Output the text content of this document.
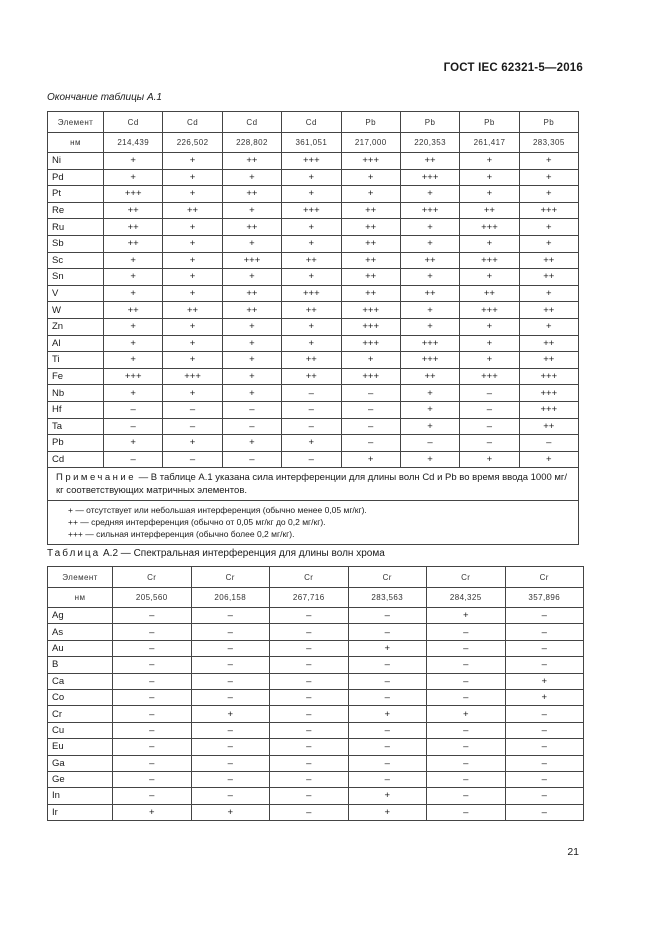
ГОСТ IEC 62321-5—2016
Окончание таблицы А.1
Элемент	Cd	Cd	Cd	Cd	Pb	Pb	Pb	Pb
нм	214,439	226,502	228,802	361,051	217,000	220,353	261,417	283,305
Ni	+	+	++	+++	+++	++	+	+
Pd	+	+	+	+	+	+++	+	+
Pt	+++	+	++	+	+	+	+	+
Re	++	++	+	+++	++	+++	++	+++
Ru	++	+	++	+	++	+	+++	+
Sb	++	+	+	+	++	+	+	+
Sc	+	+	+++	++	++	++	+++	++
Sn	+	+	+	+	++	+	+	++
V	+	+	++	+++	++	++	++	+
W	++	++	++	++	+++	+	+++	++
Zn	+	+	+	+	+++	+	+	+
Al	+	+	+	+	+++	+++	+	++
Ti	+	+	+	++	+	+++	+	++
Fe	+++	+++	+	++	+++	++	+++	+++
Nb	+	+	+	–	–	+	–	+++
Hf	–	–	–	–	–	+	–	+++
Ta	–	–	–	–	–	+	–	++
Pb	+	+	+	+	–	–	–	–
Cd	–	–	–	–	+	+	+	+
Примечание — В таблице А.1 указана сила интерференции для длины волн Cd и Pb во время ввода 1000 мг/кг соответствующих матричных элементов.								

+ — отсутствует или небольшая интерференция (обычно менее 0,05 мг/кг).
++ — средняя интерференция (обычно от 0,05 мг/кг до 0,2 мг/кг).
+++ — сильная интерференция (обычно более 0,2 мг/кг).								
Таблица А.2 — Спектральная интерференция для длины волн хрома
Элемент	Cr	Cr	Cr	Cr	Cr	Cr
нм	205,560	206,158	267,716	283,563	284,325	357,896
Ag	–	–	–	–	+	–
As	–	–	–	–	–	–
Au	–	–	–	+	–	–
B	–	–	–	–	–	–
Ca	–	–	–	–	–	+
Co	–	–	–	–	–	+
Cr	–	+	–	+	+	–
Cu	–	–	–	–	–	–
Eu	–	–	–	–	–	–
Ga	–	–	–	–	–	–
Ge	–	–	–	–	–	–
In	–	–	–	+	–	–
Ir	+	+	–	+	–	–
21
